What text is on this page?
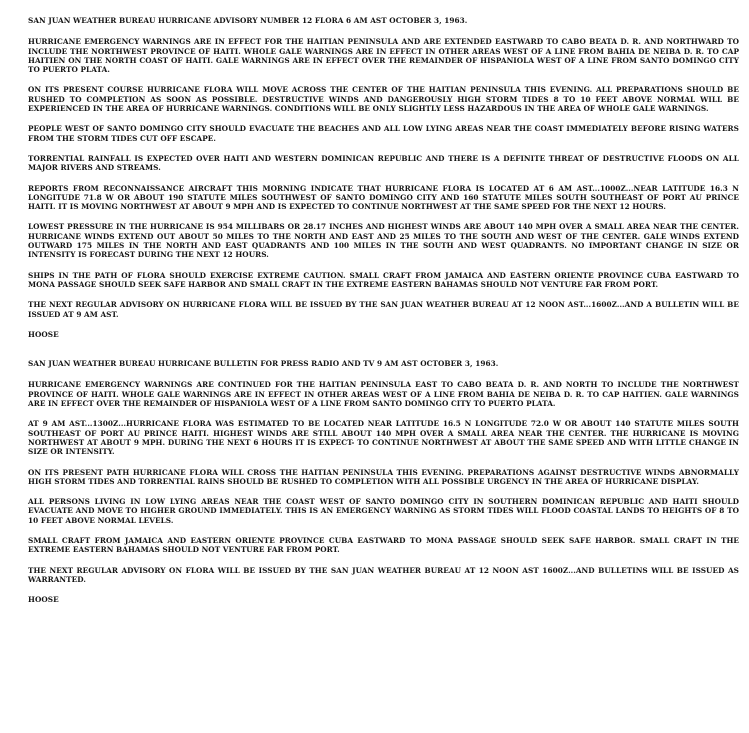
SAN JUAN WEATHER BUREAU HURRICANE ADVISORY NUMBER 12 FLORA 6 AM AST OCTOBER 3, 1963.

HURRICANE EMERGENCY WARNINGS ARE IN EFFECT FOR THE HAITIAN PENINSULA AND ARE EXTENDED EASTWARD TO CABO BEATA D. R. AND NORTHWARD TO INCLUDE THE NORTHWEST PROVINCE OF HAITI. WHOLE GALE WARNINGS ARE IN EFFECT IN OTHER AREAS WEST OF A LINE FROM BAHIA DE NEIBA D. R. TO CAP HAITIEN ON THE NORTH COAST OF HAITI. GALE WARNINGS ARE IN EFFECT OVER THE REMAINDER OF HISPANIOLA WEST OF A LINE FROM SANTO DOMINGO CITY TO PUERTO PLATA.

ON ITS PRESENT COURSE HURRICANE FLORA WILL MOVE ACROSS THE CENTER OF THE HAITIAN PENINSULA THIS EVENING. ALL PREPARATIONS SHOULD BE RUSHED TO COMPLETION AS SOON AS POSSIBLE. DESTRUCTIVE WINDS AND DANGEROUSLY HIGH STORM TIDES 8 TO 10 FEET ABOVE NORMAL WILL BE EXPERIENCED IN THE AREA OF HURRICANE WARNINGS. CONDITIONS WILL BE ONLY SLIGHTLY LESS HAZARDOUS IN THE AREA OF WHOLE GALE WARNINGS.

PEOPLE WEST OF SANTO DOMINGO CITY SHOULD EVACUATE THE BEACHES AND ALL LOW LYING AREAS NEAR THE COAST IMMEDIATELY BEFORE RISING WATERS FROM THE STORM TIDES CUT OFF ESCAPE.

TORRENTIAL RAINFALL IS EXPECTED OVER HAITI AND WESTERN DOMINICAN REPUBLIC AND THERE IS A DEFINITE THREAT OF DESTRUCTIVE FLOODS ON ALL MAJOR RIVERS AND STREAMS.

REPORTS FROM RECONNAISSANCE AIRCRAFT THIS MORNING INDICATE THAT HURRICANE FLORA IS LOCATED AT 6 AM AST...1000Z...NEAR LATITUDE 16.3 N LONGITUDE 71.8 W OR ABOUT 190 STATUTE MILES SOUTHWEST OF SANTO DOMINGO CITY AND 160 STATUTE MILES SOUTH SOUTHEAST OF PORT AU PRINCE HAITI. IT IS MOVING NORTHWEST AT ABOUT 9 MPH AND IS EXPECTED TO CONTINUE NORTHWEST AT THE SAME SPEED FOR THE NEXT 12 HOURS.

LOWEST PRESSURE IN THE HURRICANE IS 954 MILLIBARS OR 28.17 INCHES AND HIGHEST WINDS ARE ABOUT 140 MPH OVER A SMALL AREA NEAR THE CENTER. HURRICANE WINDS EXTEND OUT ABOUT 50 MILES TO THE NORTH AND EAST AND 25 MILES TO THE SOUTH AND WEST OF THE CENTER. GALE WINDS EXTEND OUTWARD 175 MILES IN THE NORTH AND EAST QUADRANTS AND 100 MILES IN THE SOUTH AND WEST QUADRANTS. NO IMPORTANT CHANGE IN SIZE OR INTENSITY IS FORECAST DURING THE NEXT 12 HOURS.

SHIPS IN THE PATH OF FLORA SHOULD EXERCISE EXTREME CAUTION. SMALL CRAFT FROM JAMAICA AND EASTERN ORIENTE PROVINCE CUBA EASTWARD TO MONA PASSAGE SHOULD SEEK SAFE HARBOR AND SMALL CRAFT IN THE EXTREME EASTERN BAHAMAS SHOULD NOT VENTURE FAR FROM PORT.

THE NEXT REGULAR ADVISORY ON HURRICANE FLORA WILL BE ISSUED BY THE SAN JUAN WEATHER BUREAU AT 12 NOON AST...1600Z...AND A BULLETIN WILL BE ISSUED AT 9 AM AST.

HOOSE

SAN JUAN WEATHER BUREAU HURRICANE BULLETIN FOR PRESS RADIO AND TV 9 AM AST OCTOBER 3, 1963.

HURRICANE EMERGENCY WARNINGS ARE CONTINUED FOR THE HAITIAN PENINSULA EAST TO CABO BEATA D. R. AND NORTH TO INCLUDE THE NORTHWEST PROVINCE OF HAITI. WHOLE GALE WARNINGS ARE IN EFFECT IN OTHER AREAS WEST OF A LINE FROM BAHIA DE NEIBA D. R. TO CAP HAITIEN. GALE WARNINGS ARE IN EFFECT OVER THE REMAINDER OF HISPANIOLA WEST OF A LINE FROM SANTO DOMINGO CITY TO PUERTO PLATA.

AT 9 AM AST...1300Z...HURRICANE FLORA WAS ESTIMATED TO BE LOCATED NEAR LATITUDE 16.5 N LONGITUDE 72.0 W OR ABOUT 140 STATUTE MILES SOUTH SOUTHEAST OF PORT AU PRINCE HAITI. HIGHEST WINDS ARE STILL ABOUT 140 MPH OVER A SMALL AREA NEAR THE CENTER. THE HURRICANE IS MOVING NORTHWEST AT ABOUT 9 MPH. DURING THE NEXT 6 HOURS IT IS EXPECT- TO CONTINUE NORTHWEST AT ABOUT THE SAME SPEED AND WITH LITTLE CHANGE IN SIZE OR INTENSITY.

ON ITS PRESENT PATH HURRICANE FLORA WILL CROSS THE HAITIAN PENINSULA THIS EVENING. PREPARATIONS AGAINST DESTRUCTIVE WINDS ABNORMALLY HIGH STORM TIDES AND TORRENTIAL RAINS SHOULD BE RUSHED TO COMPLETION WITH ALL POSSIBLE URGENCY IN THE AREA OF HURRICANE DISPLAY.

ALL PERSONS LIVING IN LOW LYING AREAS NEAR THE COAST WEST OF SANTO DOMINGO CITY IN SOUTHERN DOMINICAN REPUBLIC AND HAITI SHOULD EVACUATE AND MOVE TO HIGHER GROUND IMMEDIATELY. THIS IS AN EMERGENCY WARNING AS STORM TIDES WILL FLOOD COASTAL LANDS TO HEIGHTS OF 8 TO 10 FEET ABOVE NORMAL LEVELS.

SMALL CRAFT FROM JAMAICA AND EASTERN ORIENTE PROVINCE CUBA EASTWARD TO MONA PASSAGE SHOULD SEEK SAFE HARBOR. SMALL CRAFT IN THE EXTREME EASTERN BAHAMAS SHOULD NOT VENTURE FAR FROM PORT.

THE NEXT REGULAR ADVISORY ON FLORA WILL BE ISSUED BY THE SAN JUAN WEATHER BUREAU AT 12 NOON AST 1600Z...AND BULLETINS WILL BE ISSUED AS WARRANTED.

HOOSE
